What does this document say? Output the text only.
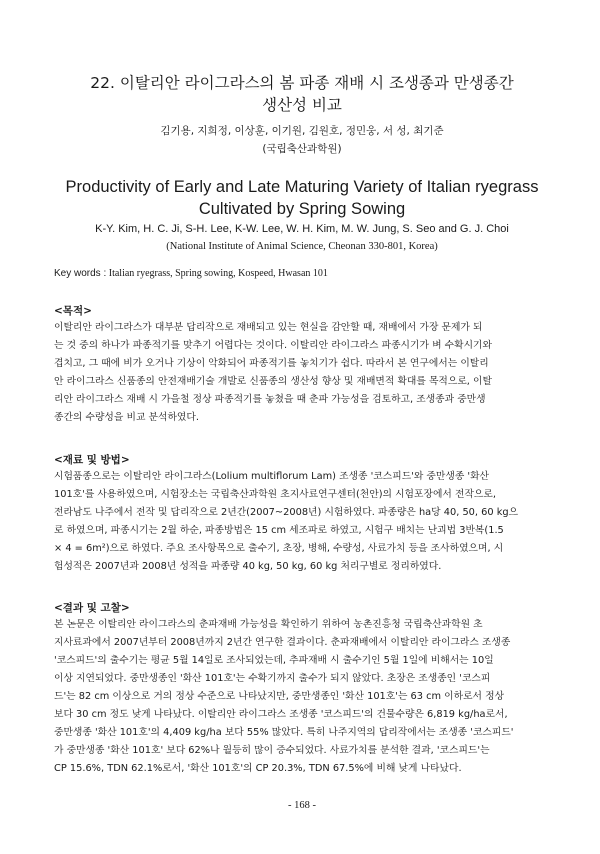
22. 이탈리안 라이그라스의 봄 파종 재배 시 조생종과 만생종간
생산성 비교
김기용, 지희정, 이상훈, 이기원, 김원호, 정민웅, 서 성, 최기준
(국립축산과학원)
Productivity of Early and Late Maturing Variety of Italian ryegrass
Cultivated by Spring Sowing
K-Y. Kim, H. C. Ji, S-H. Lee, K-W. Lee, W. H. Kim, M. W. Jung, S. Seo and G. J. Choi
(National Institute of Animal Science, Cheonan 330-801, Korea)
Key words : Italian ryegrass, Spring sowing, Kospeed, Hwasan 101
<목적>
이탈리안 라이그라스가 대부분 답리작으로 재배되고 있는 현실을 감안할 때, 재배에서 가장 문제가 되
는 것 중의 하나가 파종적기를 맞추기 어렵다는 것이다. 이탈리안 라이그라스 파종시기가 벼 수확시기와
겹치고, 그 때에 비가 오거나 기상이 악화되어 파종적기를 놓치기가 쉽다. 따라서 본 연구에서는 이탈리
안 라이그라스 신품종의 안전재배기술 개발로 신품종의 생산성 향상 및 재배면적 확대를 목적으로, 이탈
리안 라이그라스 재배 시 가을철 정상 파종적기를 놓쳤을 때 춘파 가능성을 검토하고, 조생종과 중만생
종간의 수량성을 비교 분석하였다.
<재료 및 방법>
시험품종으로는 이탈리안 라이그라스(Lolium multiflorum Lam) 조생종 '코스피드'와 중만생종 '화산
101호'를 사용하였으며, 시험장소는 국립축산과학원 초지사료연구센터(천안)의 시험포장에서 전작으로,
전라남도 나주에서 전작 및 답리작으로 2년간(2007~2008년) 시험하였다. 파종량은 ha당 40, 50, 60 kg으
로 하였으며, 파종시기는 2월 하순, 파종방법은 15 cm 세조파로 하였고, 시험구 배치는 난괴법 3반복(1.5
× 4 = 6m²)으로 하였다. 주요 조사항목으로 출수기, 초장, 병해, 수량성, 사료가치 등을 조사하였으며, 시
험성적은 2007년과 2008년 성적을 파종량 40 kg, 50 kg, 60 kg 처리구별로 정리하였다.
<결과 및 고찰>
본 논문은 이탈리안 라이그라스의 춘파재배 가능성을 확인하기 위하여 농촌진흥청 국립축산과학원 초
지사료과에서 2007년부터 2008년까지 2년간 연구한 결과이다. 춘파재배에서 이탈리안 라이그라스 조생종
'코스피드'의 출수기는 평균 5월 14일로 조사되었는데, 추파재배 시 출수기인 5월 1일에 비해서는 10일
이상 지연되었다. 중만생종인 '화산 101호'는 수확기까지 출수가 되지 않았다. 초장은 조생종인 '코스피
드'는 82 cm 이상으로 거의 정상 수준으로 나타났지만, 중만생종인 '화산 101호'는 63 cm 이하로서 정상
보다 30 cm 정도 낮게 나타났다. 이탈리안 라이그라스 조생종 '코스피드'의 건물수량은 6,819 kg/ha로서,
중만생종 '화산 101호'의 4,409 kg/ha 보다 55% 많았다. 특히 나주지역의 답리작에서는 조생종 '코스피드'
가 중만생종 '화산 101호' 보다 62%나 월등히 많이 증수되었다. 사료가치를 분석한 결과, '코스피드'는
CP 15.6%, TDN 62.1%로서, '화산 101호'의 CP 20.3%, TDN 67.5%에 비해 낮게 나타났다.
- 168 -
